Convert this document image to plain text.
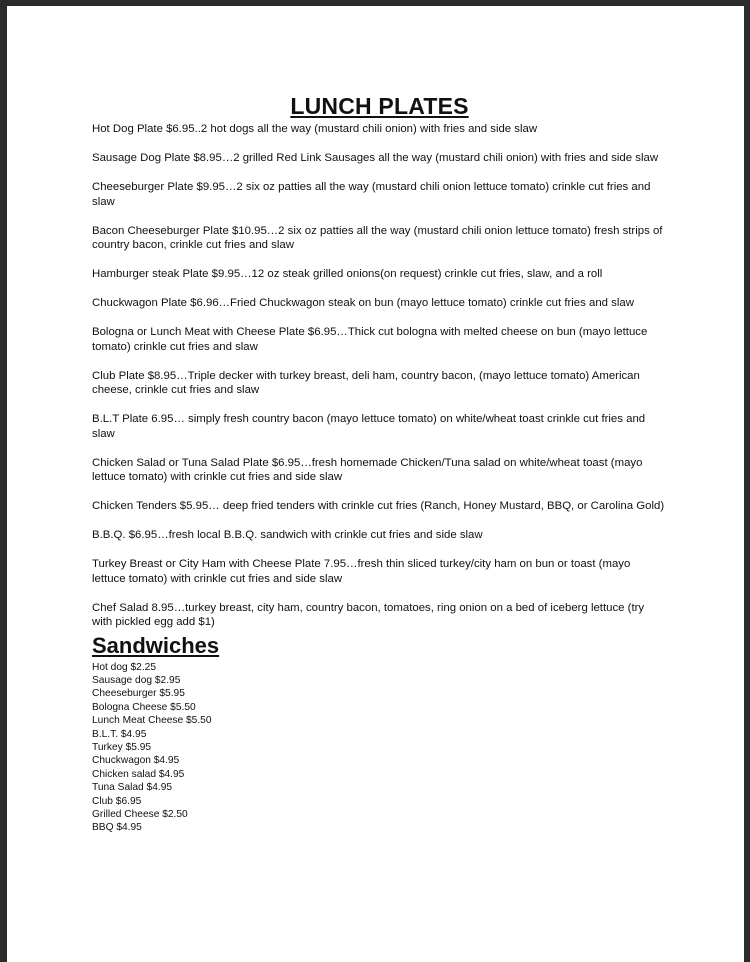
LUNCH PLATES
Hot Dog Plate $6.95..2 hot dogs all the way (mustard chili onion) with fries and side slaw
Sausage Dog Plate $8.95…2 grilled Red Link Sausages all the way (mustard chili onion) with fries and side slaw
Cheeseburger Plate $9.95…2 six oz patties all the way (mustard chili onion lettuce tomato) crinkle cut fries and slaw
Bacon Cheeseburger Plate $10.95…2 six oz patties all the way (mustard chili onion lettuce tomato) fresh strips of country bacon, crinkle cut fries and slaw
Hamburger steak Plate $9.95…12 oz steak grilled onions(on request) crinkle cut fries, slaw, and a roll
Chuckwagon Plate $6.96…Fried Chuckwagon steak on bun (mayo lettuce tomato) crinkle cut fries and slaw
Bologna or Lunch Meat with Cheese Plate $6.95…Thick cut bologna with melted cheese on bun (mayo lettuce tomato) crinkle cut fries and slaw
Club Plate $8.95…Triple decker with turkey breast, deli ham, country bacon, (mayo lettuce tomato) American cheese, crinkle cut fries and slaw
B.L.T Plate 6.95… simply fresh country bacon (mayo lettuce tomato) on white/wheat toast crinkle cut fries and slaw
Chicken Salad or Tuna Salad Plate $6.95…fresh homemade Chicken/Tuna salad on white/wheat toast (mayo lettuce tomato) with crinkle cut fries and side slaw
Chicken Tenders $5.95… deep fried tenders with crinkle cut fries (Ranch, Honey Mustard, BBQ, or Carolina Gold)
B.B.Q. $6.95…fresh local B.B.Q. sandwich with crinkle cut fries and side slaw
Turkey Breast or City Ham with Cheese Plate 7.95…fresh thin sliced turkey/city ham on bun or toast (mayo lettuce tomato) with crinkle cut fries and side slaw
Chef Salad 8.95…turkey breast, city ham, country bacon, tomatoes, ring onion on a bed of iceberg lettuce (try with pickled egg add $1)
Sandwiches
Hot dog $2.25
Sausage dog $2.95
Cheeseburger $5.95
Bologna Cheese $5.50
Lunch Meat Cheese $5.50
B.L.T. $4.95
Turkey $5.95
Chuckwagon $4.95
Chicken salad $4.95
Tuna Salad $4.95
Club $6.95
Grilled Cheese $2.50
BBQ $4.95
